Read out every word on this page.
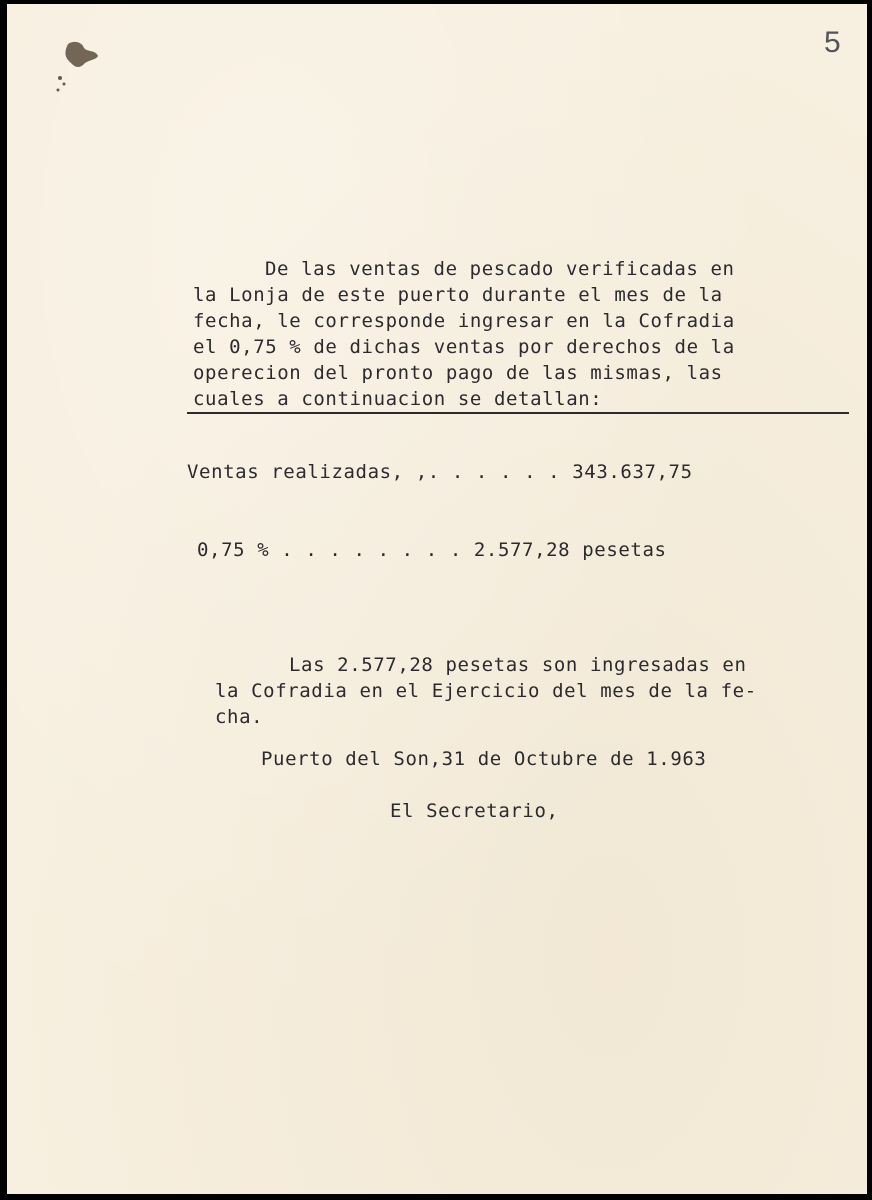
5
De las ventas de pescado verificadas en
la Lonja de este puerto durante el mes de la
fecha, le corresponde ingresar en la Cofradia
el 0,75 % de dichas ventas por derechos de la
operecion del pronto pago de las mismas, las
cuales a continuacion se detallan:
Ventas realizadas, ,. . . . . . 343.637,75
0,75 % . . . . . . . . 2.577,28 pesetas
Las 2.577,28 pesetas son ingresadas en
la Cofradia en el Ejercicio del mes de la fe-
cha.
Puerto del Son,31 de Octubre de 1.963
El Secretario,
